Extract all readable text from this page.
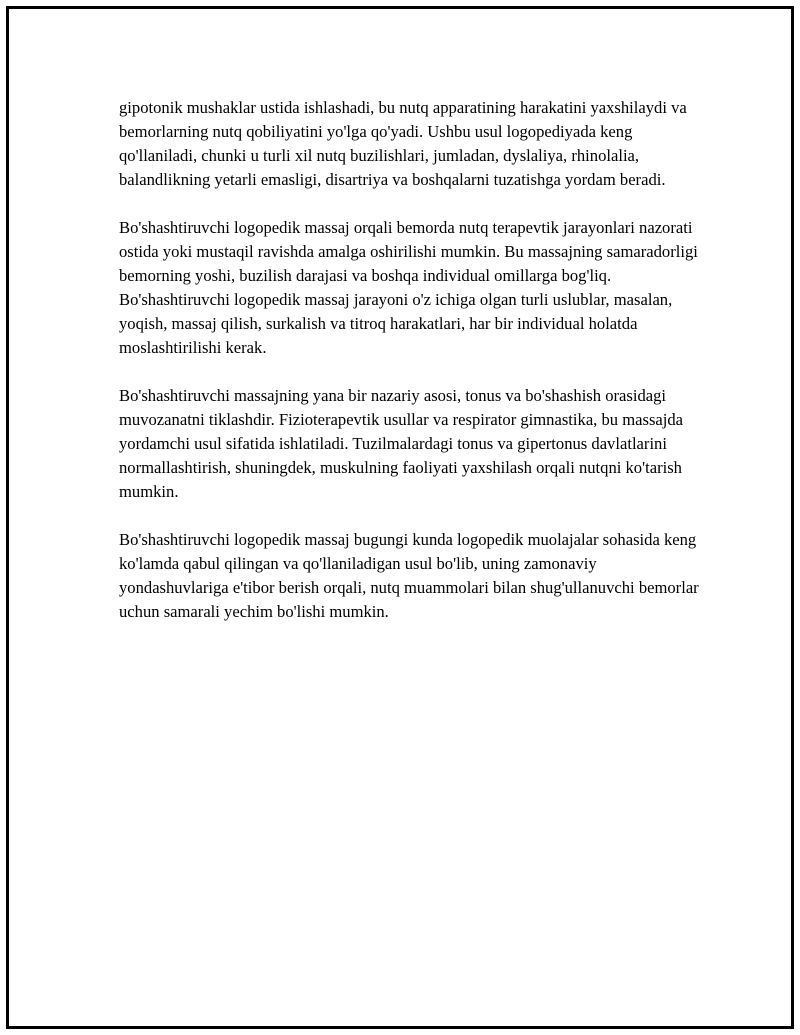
gipotonik mushaklar ustida ishlashadi, bu nutq apparatining harakatini yaxshilaydi va bemorlarning nutq qobiliyatini yo'lga qo'yadi. Ushbu usul logopediyada keng qo'llaniladi, chunki u turli xil nutq buzilishlari, jumladan, dyslaliya, rhinolalia, balandlikning yetarli emasligi, disartriya va boshqalarni tuzatishga yordam beradi.

Bo'shashtiruvchi logopedik massaj orqali bemorda nutq terapevtik jarayonlari nazorati ostida yoki mustaqil ravishda amalga oshirilishi mumkin. Bu massajning samaradorligi bemorning yoshi, buzilish darajasi va boshqa individual omillarga bog'liq. Bo'shashtiruvchi logopedik massaj jarayoni o'z ichiga olgan turli uslublar, masalan, yoqish, massaj qilish, surkalish va titroq harakatlari, har bir individual holatda moslashtirilishi kerak.

Bo'shashtiruvchi massajning yana bir nazariy asosi, tonus va bo'shashish orasidagi muvozanatni tiklashdir. Fizioterapevtik usullar va respirator gimnastika, bu massajda yordamchi usul sifatida ishlatiladi. Tuzilmalardagi tonus va gipertonus davlatlarini normallashtirish, shuningdek, muskulning faoliyati yaxshilash orqali nutqni ko'tarish mumkin.

Bo'shashtiruvchi logopedik massaj bugungi kunda logopedik muolajalar sohasida keng ko'lamda qabul qilingan va qo'llaniladigan usul bo'lib, uning zamonaviy yondashuvlariga e'tibor berish orqali, nutq muammolari bilan shug'ullanuvchi bemorlar uchun samarali yechim bo'lishi mumkin.
